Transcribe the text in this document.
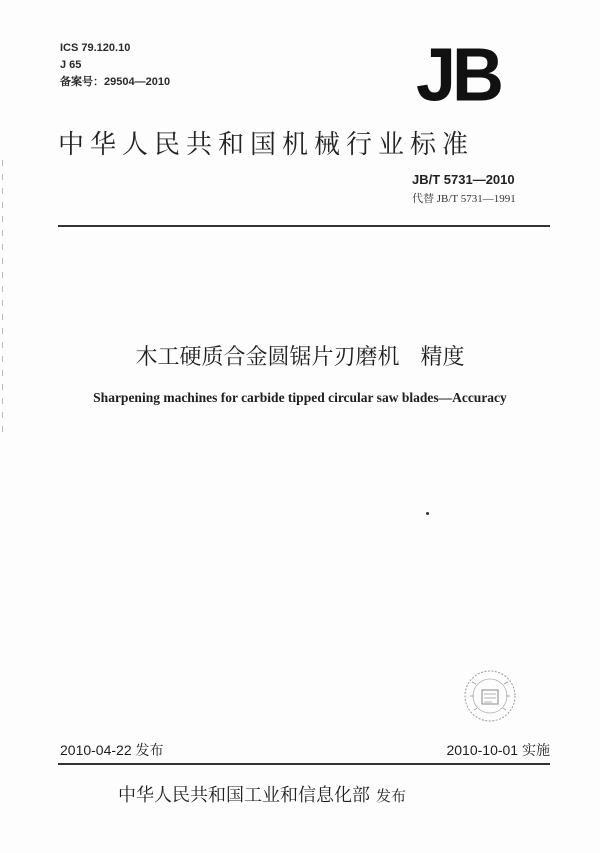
ICS 79.120.10
J 65
备案号：29504—2010	JB
中华人民共和国机械行业标准
JB/T 5731—2010
代替 JB/T 5731—1991
木工硬质合金圆锯片刃磨机   精度
Sharpening machines for carbide tipped circular saw blades—Accuracy
2010-04-22 发布	2010-10-01 实施
中华人民共和国工业和信息化部 发布
